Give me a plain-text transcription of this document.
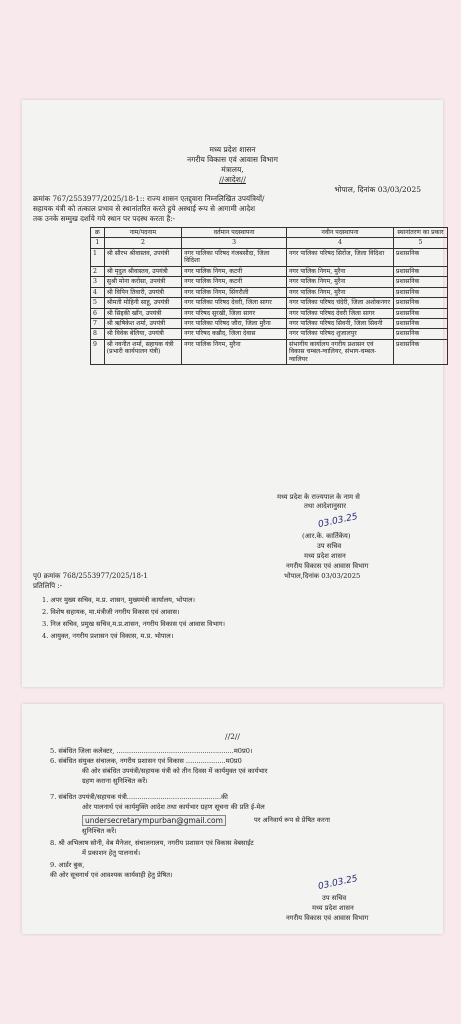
मध्य प्रदेश शासन
नगरीय विकास एवं आवास विभाग
मंत्रालय,
//आदेश//
भोपाल, दिनांक 03/03/2025
क्रमांक 767/2553977/2025/18-1:: राज्य शासन एतद्द्वारा निम्नलिखित उपयंत्रियों/
सहायक यंत्री को तत्काल प्रभाव से स्थानांतरित करते हुये अस्थाई रूप से आगामी आदेश
तक उनके सम्मुख दर्शाये गये स्थान पर पदस्थ करता है:-
क्र	नाम/पदनाम	वर्तमान पदस्थापना	नवीन पदस्थापना	स्थानांतरण का प्रकार
1	2	3	4	5
1	श्री सौरभ श्रीवास्तव, उपयंत्री	नगर पालिका परिषद गंजबसौदा, जिला विदिशा	नगर पालिका परिषद सिरोंज, जिला विदिशा	प्रशासनिक
2	श्री मृदुल श्रीवास्तव, उपयंत्री	नगर पालिक निगम, कटनी	नगर पालिक निगम, मुरैना	प्रशासनिक
3	सुश्री मोना करोसा, उपयंत्री	नगर पालिक निगम, कटनी	नगर पालिक निगम, मुरैना	प्रशासनिक
4	श्री विपिन तिवारी, उपयंत्री	नगर पालिक निगम, सिंगरौली	नगर पालिक निगम, मुरैना	प्रशासनिक
5	श्रीमती मोहिनी साहू, उपयंत्री	नगर पालिका परिषद देवरी, जिला सागर	नगर पालिका परिषद चंदेरी, जिला अशोकनगर	प्रशासनिक
6	श्री सिद्दकी खाँन, उपयंत्री	नगर परिषद सुरखी, जिला सागर	नगर पालिका परिषद देवरी जिला सागर	प्रशासनिक
7	श्री ऋषिकेश शर्मा, उपयंत्री	नगर पालिका परिषद जौरा, जिला मुरैना	नगर पालिका परिषद सिवनी, जिला सिवनी	प्रशासनिक
8	श्री विवेक बेलिया, उपयंत्री	नगर परिषद कन्नौद, जिला देवास	नगर पालिका परिषद शुजालपुर	प्रशासनिक
9	श्री नवनीत शर्मा, सहायक यंत्री (प्रभारी कार्यपालन यंत्री)	नगर पालिक निगम, मुरैना	संभागीय कार्यालय नगरीय प्रशासन एवं विकास चम्बल-ग्वालियर, संभाग-चम्बल-ग्वालियर	प्रशासनिक
मध्य प्रदेश के राज्यपाल के नाम से
तथा आदेशानुसार
03.03.25
(आर.के. कार्तिकेय)
उप सचिव
मध्य प्रदेश शासन
नगरीय विकास एवं आवास विभाग
भोपाल,दिनांक 03/03/2025
पृ0 क्रमांक 768/2553977/2025/18-1
प्रतिलिपि :-
1. अपर मुख्य सचिव, म.प्र. शासन, मुख्यमंत्री कार्यालय, भोपाल।
2. विशेष सहायक, मा.मंत्रीजी नगरीय विकास एवं आवास।
3. निज सचिव, प्रमुख सचिव,म.प्र.शासन, नगरीय विकास एवं आवास विभाग।
4. आयुक्त, नगरीय प्रशासन एवं विकास, म.प्र. भोपाल।
//2//
5. संबंधित जिला कलेक्टर, ........................................................म0प्र0।
6. संबंधित संयुक्त संचालक, नगरीय प्रशासन एवं विकास ...................म0प्र0
की ओर संबंधित उपयंत्री/सहायक यंत्री को तीन दिवस में कार्यमुक्त एवं कार्यभार
ग्रहण कराना सुनिश्चित करें।
7. संबंधित उपयंत्री/सहायक यंत्री.............................................की
ओर पालनार्थ एवं कार्यमुक्ति आदेश तथा कार्यभार ग्रहण सूचना की प्रति ई-मेल
undersecretarympurban@gmail.com	पर अनिवार्य रूप से प्रेषित करना
सुनिश्चित करें।
8. श्री अभिलाष सोनी, वेब मैनेजर, संचालनालय, नगरीय प्रशासन एवं विकास वेबसाईट
में प्रकाशन हेतु पालनार्थ।
9. आर्डर बुक,
की ओर सूचनार्थ एवं आवश्यक कार्यवाही हेतु प्रेषित।	03.03.25
उप सचिव
मध्य प्रदेश शासन
नगरीय विकास एवं आवास विभाग
